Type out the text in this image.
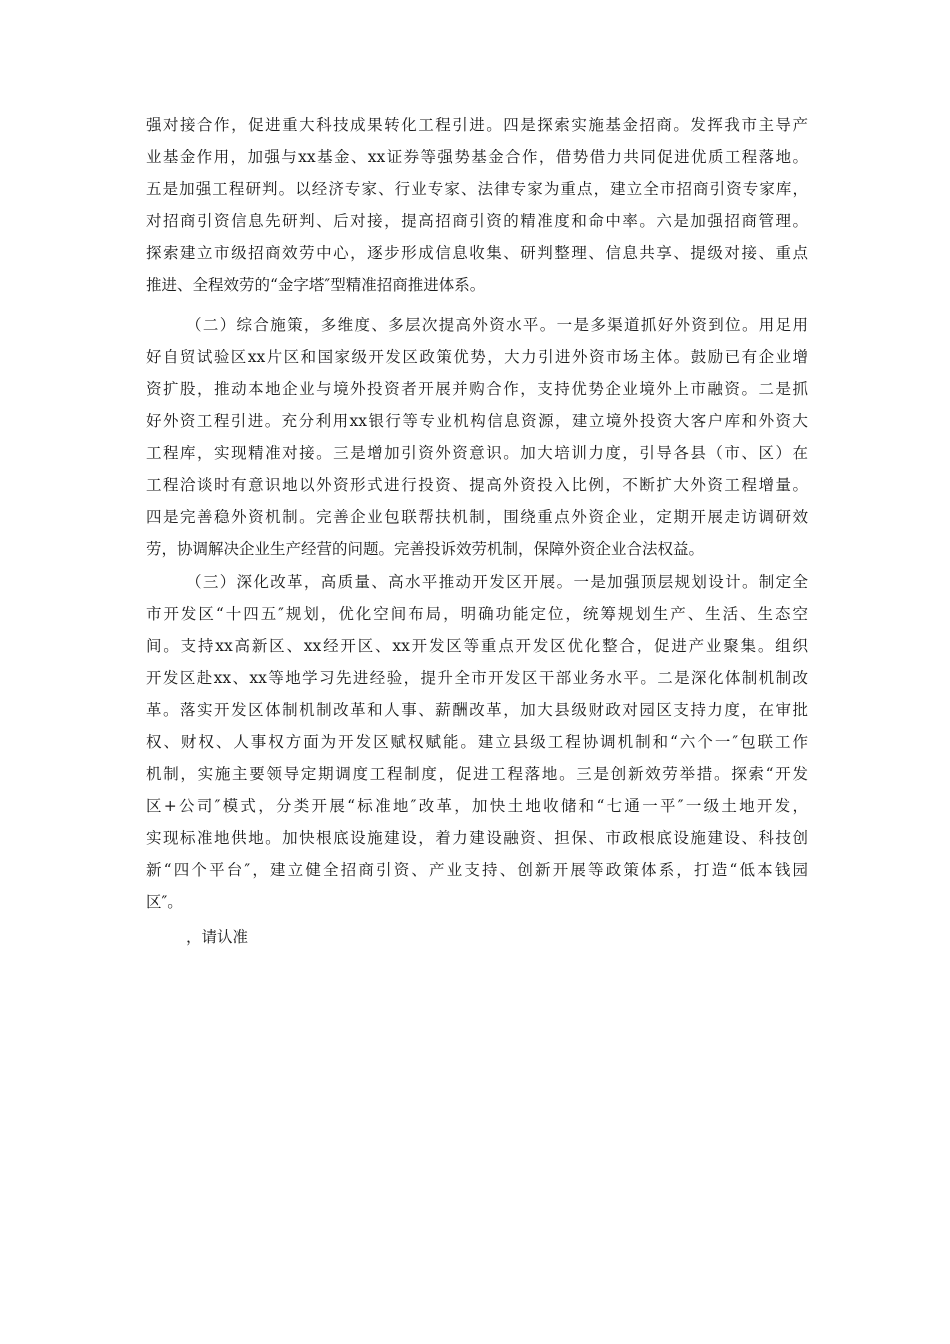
强对接合作，促进重大科技成果转化工程引进。四是探索实施基金招商。发挥我市主导产
业基金作用，加强与xx基金、xx证券等强势基金合作，借势借力共同促进优质工程落地。
五是加强工程研判。以经济专家、行业专家、法律专家为重点，建立全市招商引资专家库，
对招商引资信息先研判、后对接，提高招商引资的精准度和命中率。六是加强招商管理。
探索建立市级招商效劳中心，逐步形成信息收集、研判整理、信息共享、提级对接、重点
推进、全程效劳的“金字塔″型精准招商推进体系。
（二）综合施策，多维度、多层次提高外资水平。一是多渠道抓好外资到位。用足用
好自贸试验区xx片区和国家级开发区政策优势，大力引进外资市场主体。鼓励已有企业增
资扩股，推动本地企业与境外投资者开展并购合作，支持优势企业境外上市融资。二是抓
好外资工程引进。充分利用xx银行等专业机构信息资源，建立境外投资大客户库和外资大
工程库，实现精准对接。三是增加引资外资意识。加大培训力度，引导各县（市、区）在
工程洽谈时有意识地以外资形式进行投资、提高外资投入比例，不断扩大外资工程增量。
四是完善稳外资机制。完善企业包联帮扶机制，围绕重点外资企业，定期开展走访调研效
劳，协调解决企业生产经营的问题。完善投诉效劳机制，保障外资企业合法权益。
（三）深化改革，高质量、高水平推动开发区开展。一是加强顶层规划设计。制定全
市开发区“十四五″规划，优化空间布局，明确功能定位，统筹规划生产、生活、生态空
间。支持xx高新区、xx经开区、xx开发区等重点开发区优化整合，促进产业聚集。组织
开发区赴xx、xx等地学习先进经验，提升全市开发区干部业务水平。二是深化体制机制改
革。落实开发区体制机制改革和人事、薪酬改革，加大县级财政对园区支持力度，在审批
权、财权、人事权方面为开发区赋权赋能。建立县级工程协调机制和“六个一″包联工作
机制，实施主要领导定期调度工程制度，促进工程落地。三是创新效劳举措。探索“开发
区+公司″模式，分类开展“标准地″改革，加快土地收储和“七通一平″一级土地开发，
实现标准地供地。加快根底设施建设，着力建设融资、担保、市政根底设施建设、科技创
新“四个平台″，建立健全招商引资、产业支持、创新开展等政策体系，打造“低本钱园
区″。
，请认准
